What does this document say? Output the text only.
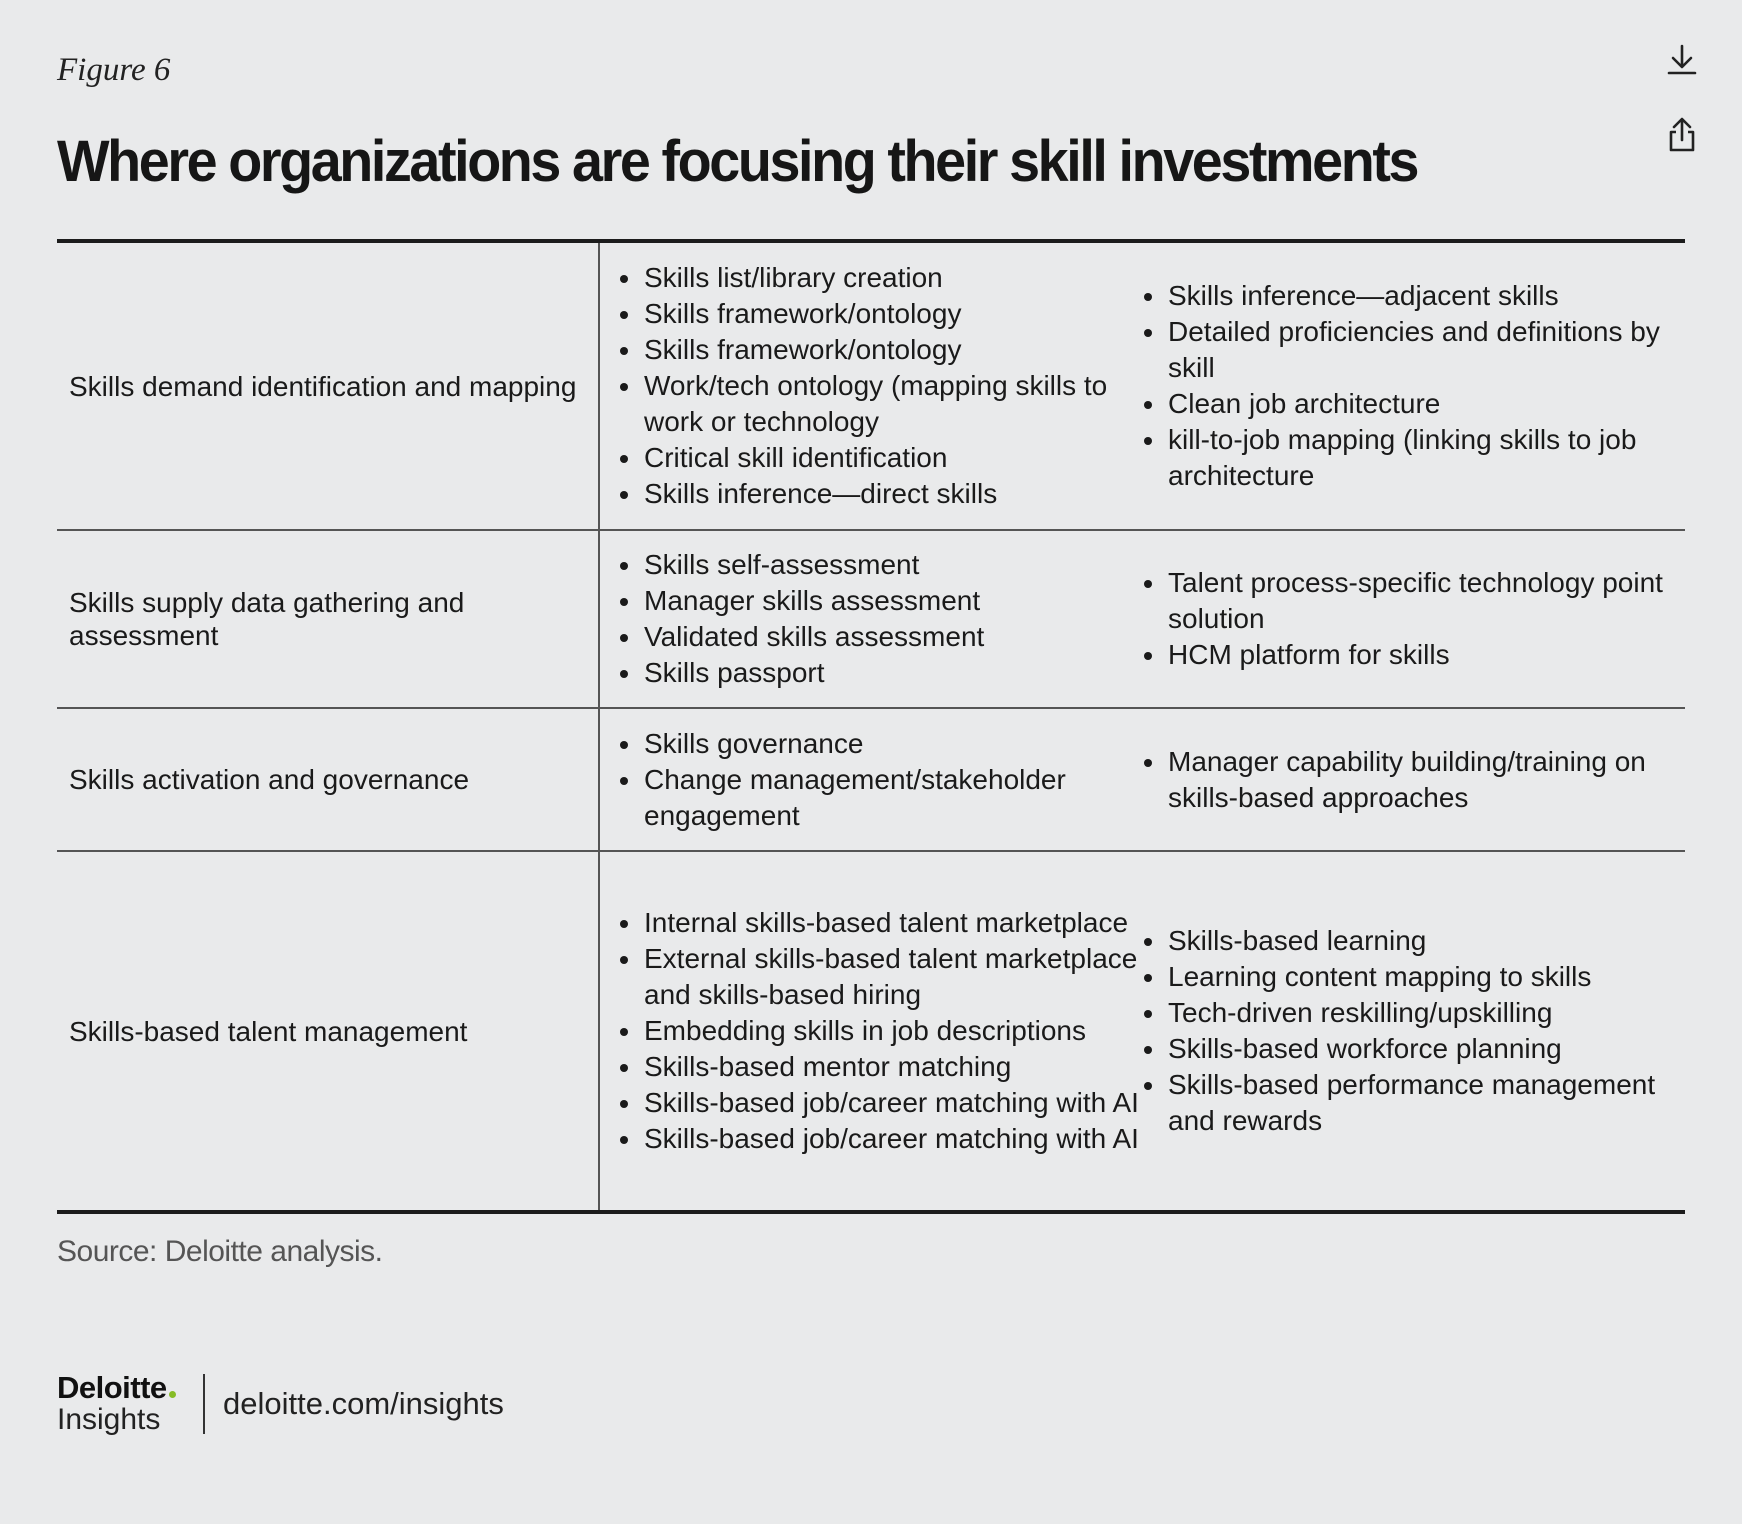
Figure 6
Where organizations are focusing their skill investments
Skills demand identification and mapping
Skills list/library creation
Skills framework/ontology
Skills framework/ontology
Work/tech ontology (mapping skills to work or technology
Critical skill identification
Skills inference—direct skills
Skills inference—adjacent skills
Detailed proficiencies and definitions by skill
Clean job architecture
kill-to-job mapping (linking skills to job architecture
Skills supply data gathering and assessment
Skills self-assessment
Manager skills assessment
Validated skills assessment
Skills passport
Talent process-specific technology point solution
HCM platform for skills
Skills activation and governance
Skills governance
Change management/stakeholder engagement
Manager capability building/training on skills-based approaches
Skills-based talent management
Internal skills-based talent marketplace
External skills-based talent marketplace and skills-based hiring
Embedding skills in job descriptions
Skills-based mentor matching
Skills-based job/career matching with AI
Skills-based job/career matching with AI
Skills-based learning
Learning content mapping to skills
Tech-driven reskilling/upskilling
Skills-based workforce planning
Skills-based performance management and rewards
Source: Deloitte analysis.
Deloitte
Insights	deloitte.com/insights
